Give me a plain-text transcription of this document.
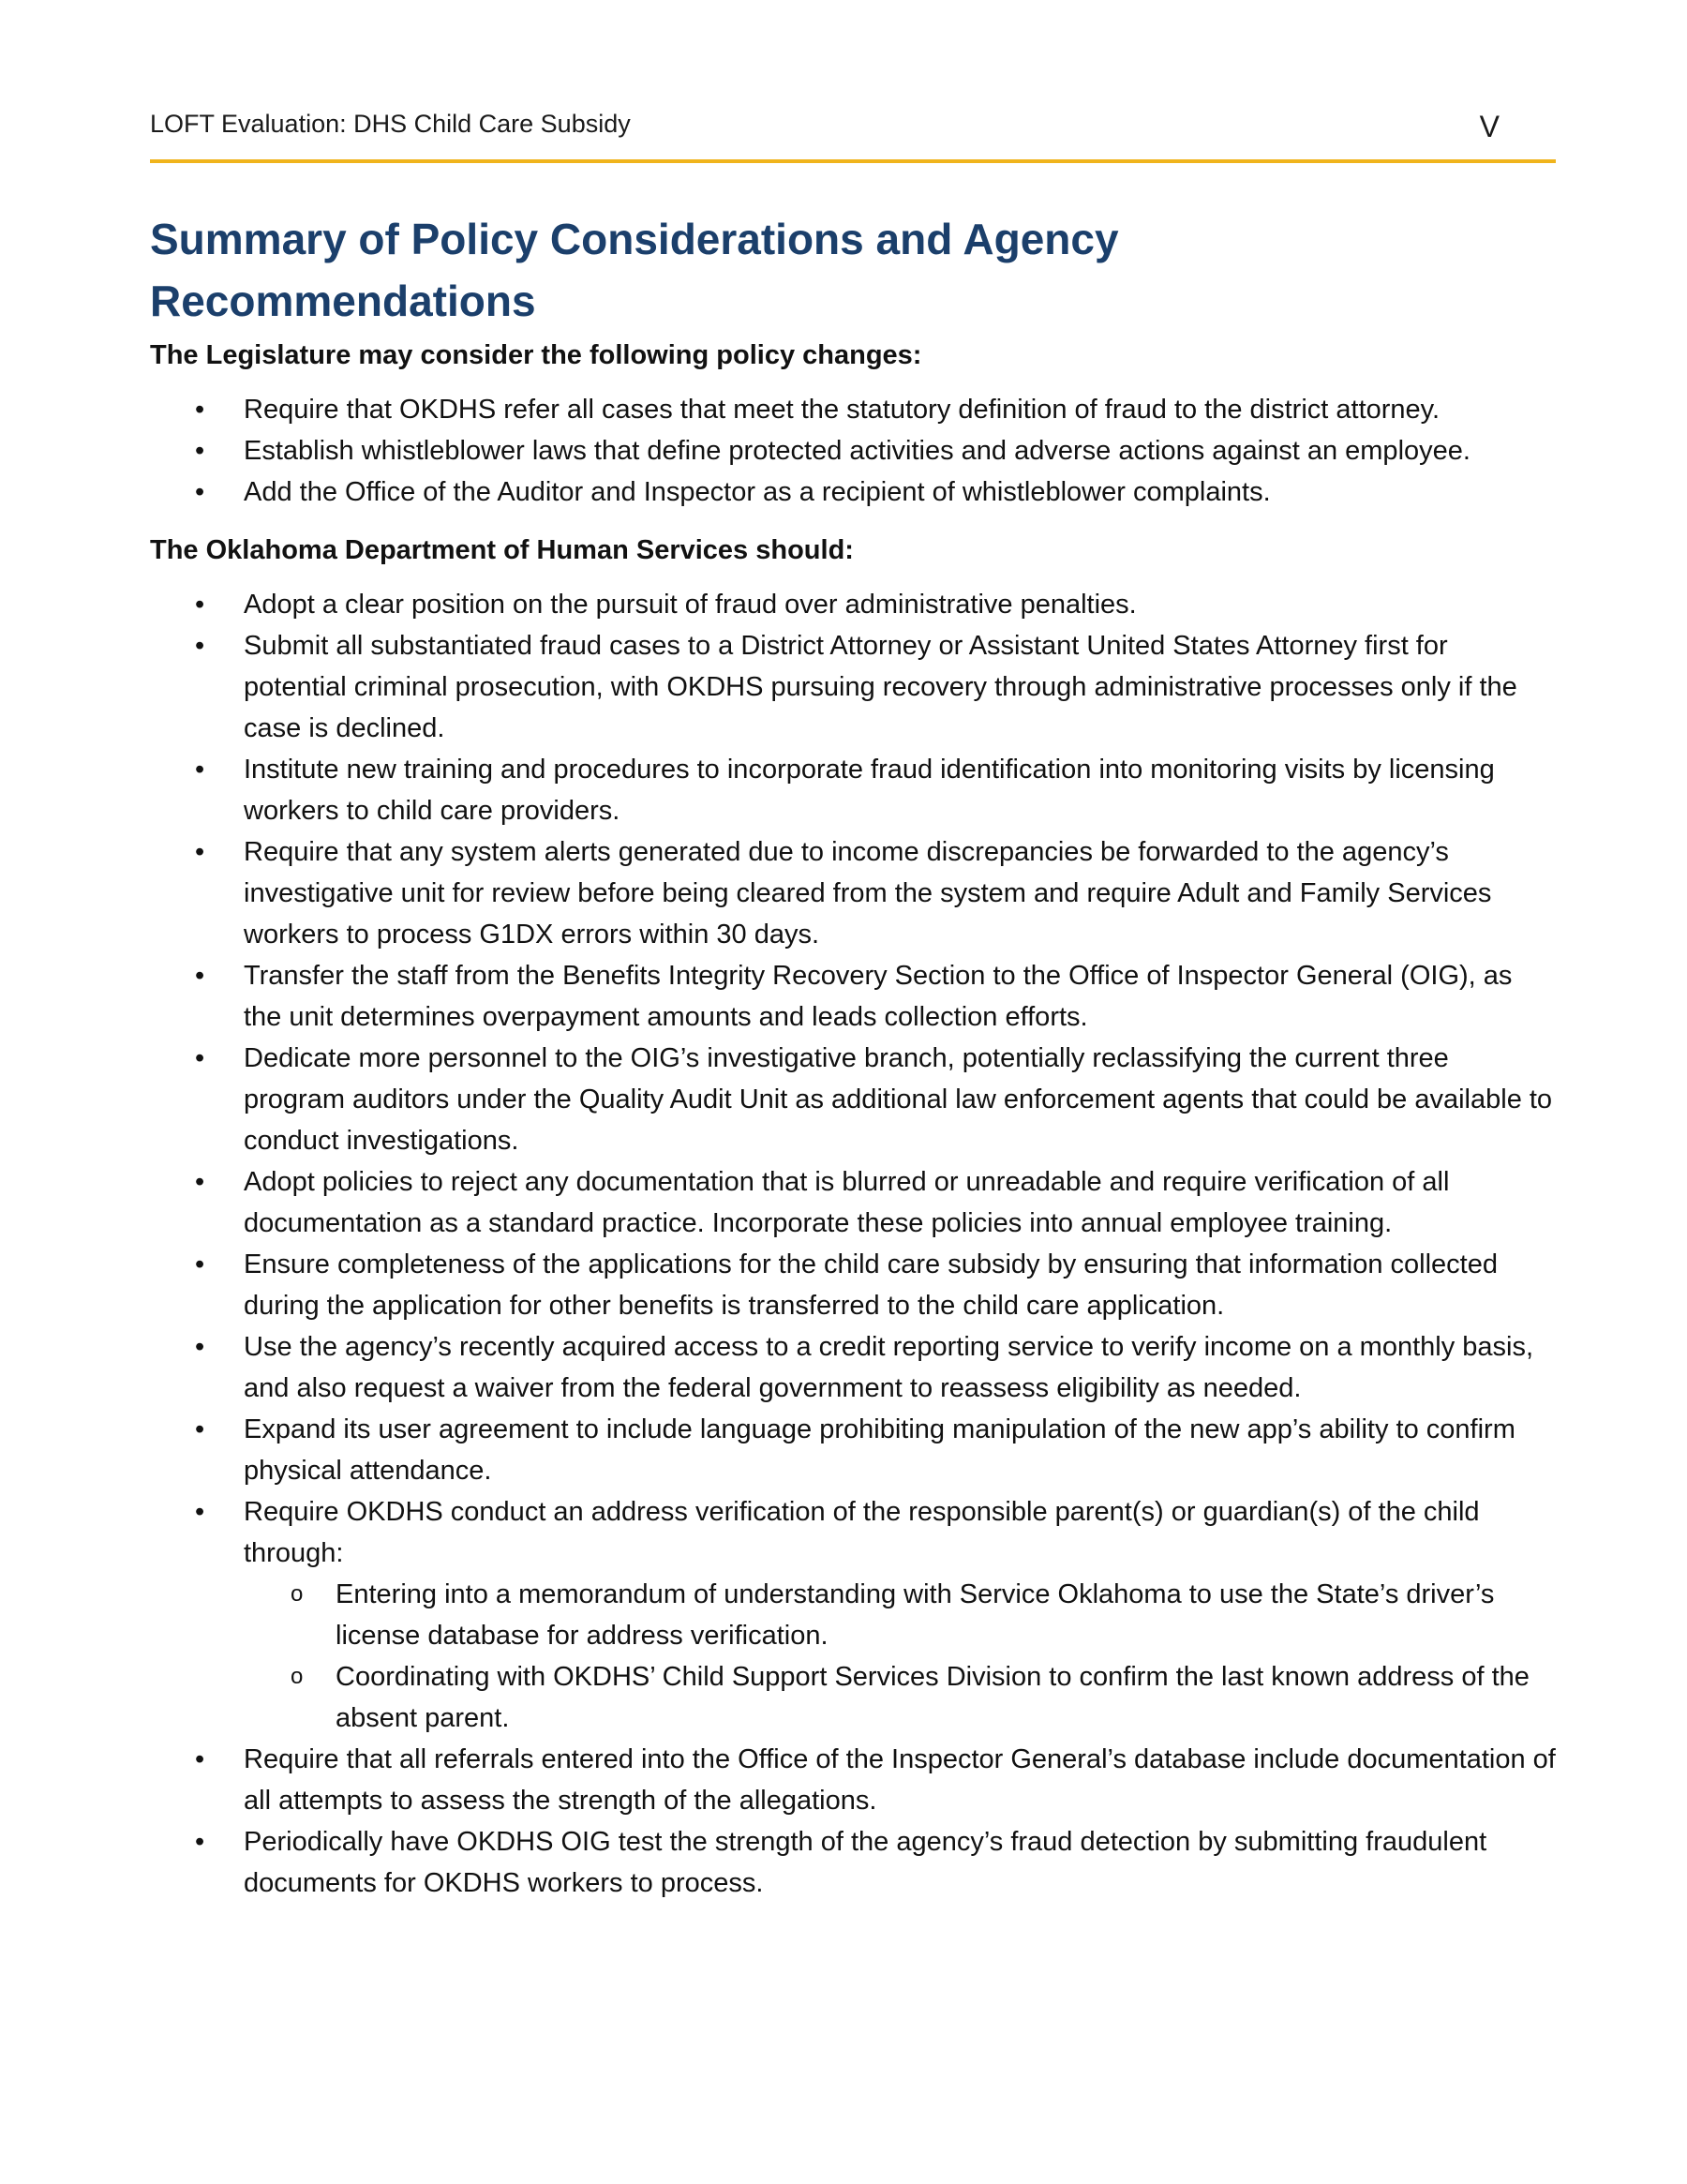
LOFT Evaluation: DHS Child Care Subsidy	V
Summary of Policy Considerations and Agency Recommendations

The Legislature may consider the following policy changes:

• Require that OKDHS refer all cases that meet the statutory definition of fraud to the district attorney.
• Establish whistleblower laws that define protected activities and adverse actions against an employee.
• Add the Office of the Auditor and Inspector as a recipient of whistleblower complaints.

The Oklahoma Department of Human Services should:

• Adopt a clear position on the pursuit of fraud over administrative penalties.
• Submit all substantiated fraud cases to a District Attorney or Assistant United States Attorney first for potential criminal prosecution, with OKDHS pursuing recovery through administrative processes only if the case is declined.
• Institute new training and procedures to incorporate fraud identification into monitoring visits by licensing workers to child care providers.
• Require that any system alerts generated due to income discrepancies be forwarded to the agency’s investigative unit for review before being cleared from the system and require Adult and Family Services workers to process G1DX errors within 30 days.
• Transfer the staff from the Benefits Integrity Recovery Section to the Office of Inspector General (OIG), as the unit determines overpayment amounts and leads collection efforts.
• Dedicate more personnel to the OIG’s investigative branch, potentially reclassifying the current three program auditors under the Quality Audit Unit as additional law enforcement agents that could be available to conduct investigations.
• Adopt policies to reject any documentation that is blurred or unreadable and require verification of all documentation as a standard practice. Incorporate these policies into annual employee training.
• Ensure completeness of the applications for the child care subsidy by ensuring that information collected during the application for other benefits is transferred to the child care application.
• Use the agency’s recently acquired access to a credit reporting service to verify income on a monthly basis, and also request a waiver from the federal government to reassess eligibility as needed.
• Expand its user agreement to include language prohibiting manipulation of the new app’s ability to confirm physical attendance.
• Require OKDHS conduct an address verification of the responsible parent(s) or guardian(s) of the child through:
o Entering into a memorandum of understanding with Service Oklahoma to use the State’s driver’s license database for address verification.
o Coordinating with OKDHS’ Child Support Services Division to confirm the last known address of the absent parent.
• Require that all referrals entered into the Office of the Inspector General’s database include documentation of all attempts to assess the strength of the allegations.
• Periodically have OKDHS OIG test the strength of the agency’s fraud detection by submitting fraudulent documents for OKDHS workers to process.
